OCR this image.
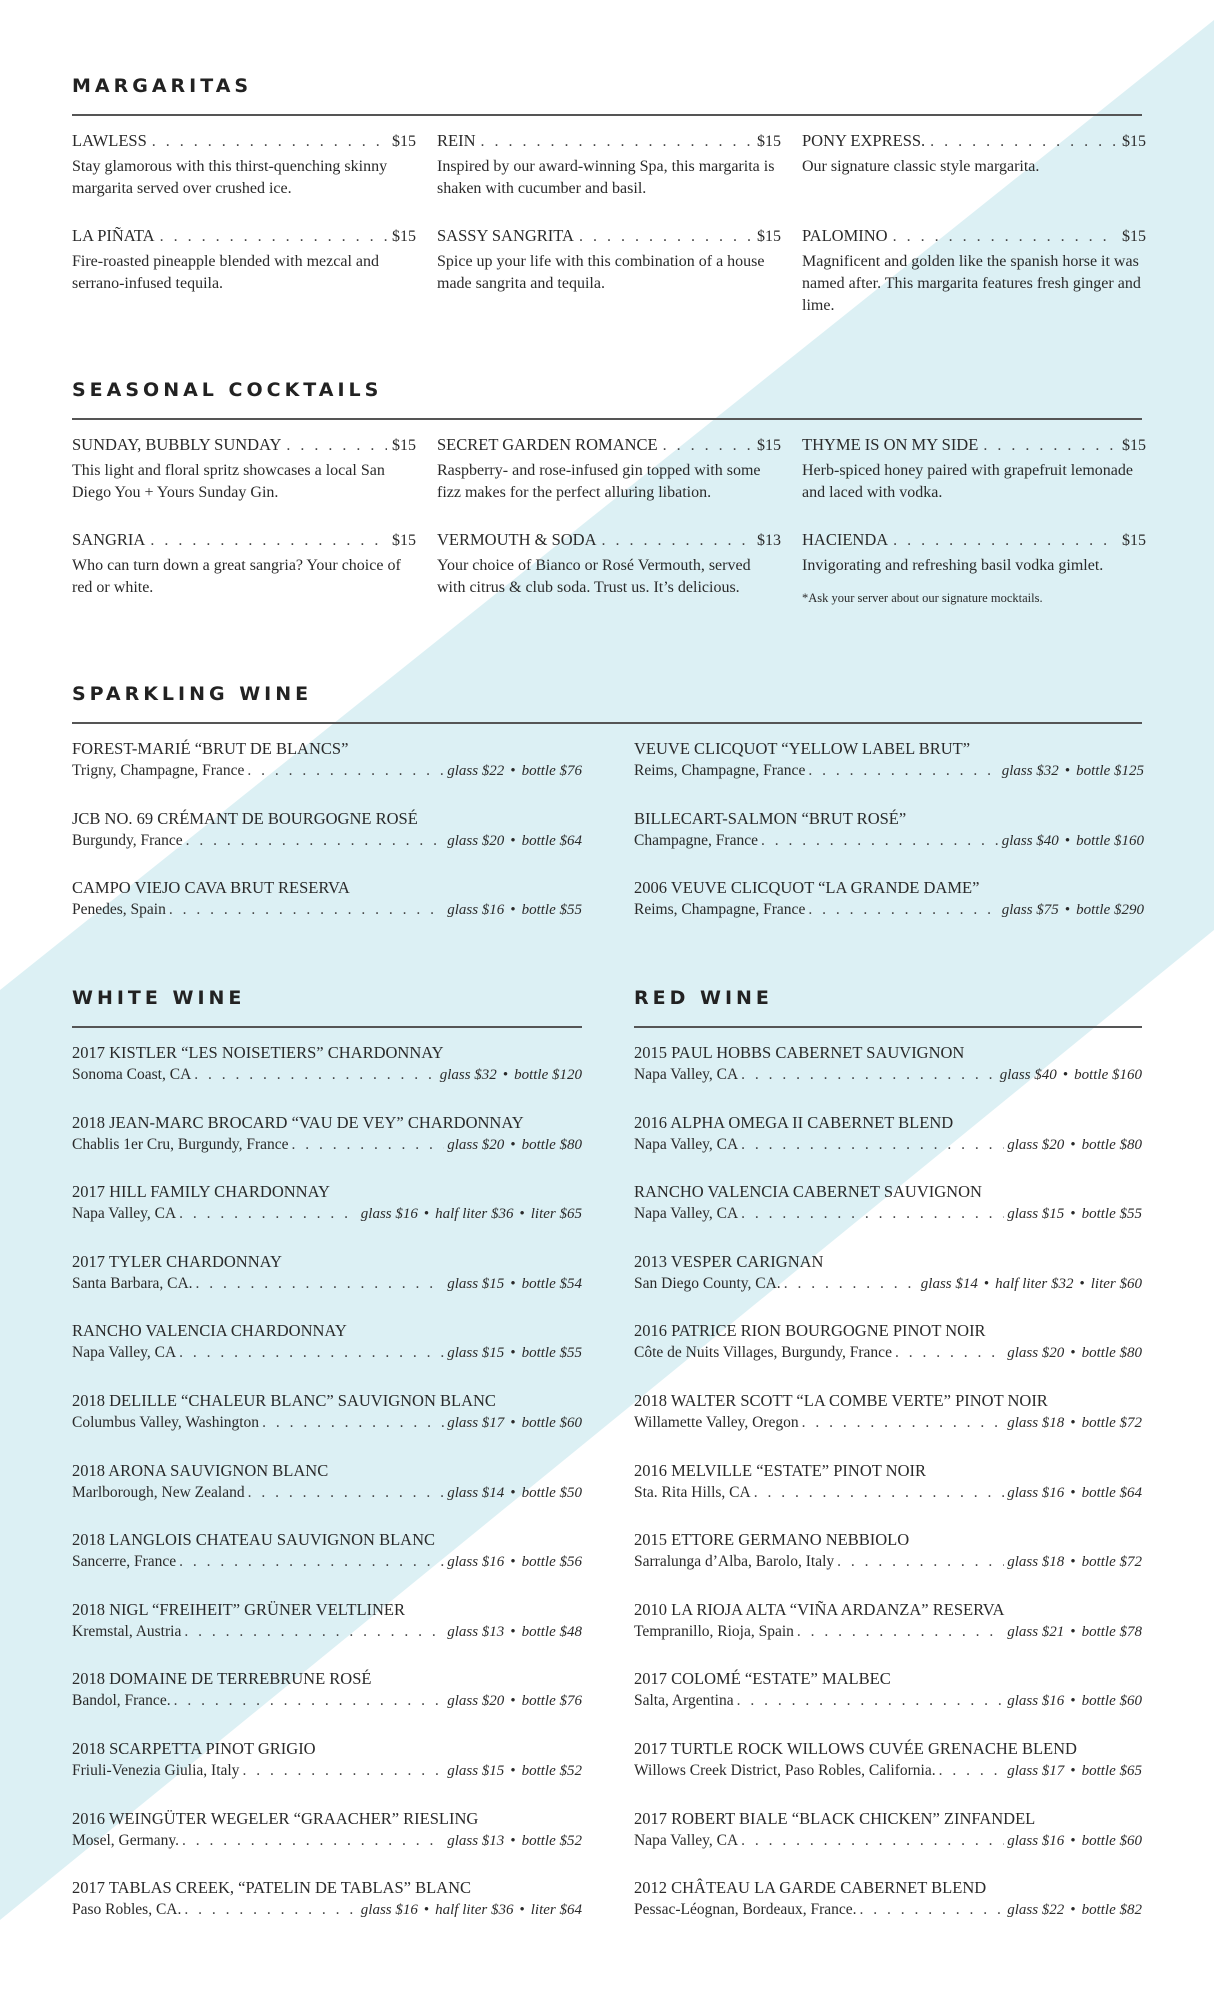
MARGARITAS
LAWLESS . . .	$15
Stay glamorous with this thirst-quenching skinny margarita served over crushed ice.
REIN . . .	$15
Inspired by our award-winning Spa, this margarita is shaken with cucumber and basil.
PONY EXPRESS. . . .	$15
Our signature classic style margarita.
LA PIÑATA . . .	$15
Fire-roasted pineapple blended with mezcal and serrano-infused tequila.
SASSY SANGRITA . . .	$15
Spice up your life with this combination of a house made sangrita and tequila.
PALOMINO . . .	$15
Magnificent and golden like the spanish horse it was named after. This margarita features fresh ginger and lime.
SEASONAL COCKTAILS
SUNDAY, BUBBLY SUNDAY . . .	$15
This light and floral spritz showcases a local San Diego You + Yours Sunday Gin.
SECRET GARDEN ROMANCE . . .	$15
Raspberry- and rose-infused gin topped with some fizz makes for the perfect alluring libation.
THYME IS ON MY SIDE . . .	$15
Herb-spiced honey paired with grapefruit lemonade and laced with vodka.
SANGRIA . . .	$15
Who can turn down a great sangria? Your choice of red or white.
VERMOUTH & SODA . . .	$13
Your choice of Bianco or Rosé Vermouth, served with citrus & club soda. Trust us. It’s delicious.
HACIENDA . . .	$15
Invigorating and refreshing basil vodka gimlet.
*Ask your server about our signature mocktails.
SPARKLING WINE
FOREST-MARIÉ “BRUT DE BLANCS”
Trigny, Champagne, France . . .	glass $22 • bottle $76
JCB NO. 69 CRÉMANT DE BOURGOGNE ROSÉ
Burgundy, France . . .	glass $20 • bottle $64
CAMPO VIEJO CAVA BRUT RESERVA
Penedes, Spain . . .	glass $16 • bottle $55
VEUVE CLICQUOT “YELLOW LABEL BRUT”
Reims, Champagne, France . . .	glass $32 • bottle $125
BILLECART-SALMON “BRUT ROSÉ”
Champagne, France . . .	glass $40 • bottle $160
2006 VEUVE CLICQUOT “LA GRANDE DAME”
Reims, Champagne, France . . .	glass $75 • bottle $290
WHITE WINE
2017 KISTLER “LES NOISETIERS” CHARDONNAY
Sonoma Coast, CA . . .	glass $32 • bottle $120
2018 JEAN-MARC BROCARD “VAU DE VEY” CHARDONNAY
Chablis 1er Cru, Burgundy, France . . .	glass $20 • bottle $80
2017 HILL FAMILY CHARDONNAY
Napa Valley, CA . . .	glass $16 • half liter $36 • liter $65
2017 TYLER CHARDONNAY
Santa Barbara, CA. . . .	glass $15 • bottle $54
RANCHO VALENCIA CHARDONNAY
Napa Valley, CA . . .	glass $15 • bottle $55
2018 DELILLE “CHALEUR BLANC” SAUVIGNON BLANC
Columbus Valley, Washington . . .	glass $17 • bottle $60
2018 ARONA SAUVIGNON BLANC
Marlborough, New Zealand . . .	glass $14 • bottle $50
2018 LANGLOIS CHATEAU SAUVIGNON BLANC
Sancerre, France . . .	glass $16 • bottle $56
2018 NIGL “FREIHEIT” GRÜNER VELTLINER
Kremstal, Austria . . .	glass $13 • bottle $48
2018 DOMAINE DE TERREBRUNE ROSÉ
Bandol, France. . . .	glass $20 • bottle $76
2018 SCARPETTA PINOT GRIGIO
Friuli-Venezia Giulia, Italy . . .	glass $15 • bottle $52
2016 WEINGÜTER WEGELER “GRAACHER” RIESLING
Mosel, Germany. . . .	glass $13 • bottle $52
2017 TABLAS CREEK, “PATELIN DE TABLAS” BLANC
Paso Robles, CA. . . .	glass $16 • half liter $36 • liter $64
RED WINE
2015 PAUL HOBBS CABERNET SAUVIGNON
Napa Valley, CA . . .	glass $40 • bottle $160
2016 ALPHA OMEGA II CABERNET BLEND
Napa Valley, CA . . .	glass $20 • bottle $80
RANCHO VALENCIA CABERNET SAUVIGNON
Napa Valley, CA . . .	glass $15 • bottle $55
2013 VESPER CARIGNAN
San Diego County, CA. . . .	glass $14 • half liter $32 • liter $60
2016 PATRICE RION BOURGOGNE PINOT NOIR
Côte de Nuits Villages, Burgundy, France . . .	glass $20 • bottle $80
2018 WALTER SCOTT “LA COMBE VERTE” PINOT NOIR
Willamette Valley, Oregon . . .	glass $18 • bottle $72
2016 MELVILLE “ESTATE” PINOT NOIR
Sta. Rita Hills, CA . . .	glass $16 • bottle $64
2015 ETTORE GERMANO NEBBIOLO
Sarralunga d’Alba, Barolo, Italy . . .	glass $18 • bottle $72
2010 LA RIOJA ALTA “VIÑA ARDANZA” RESERVA
Tempranillo, Rioja, Spain . . .	glass $21 • bottle $78
2017 COLOMÉ “ESTATE” MALBEC
Salta, Argentina . . .	glass $16 • bottle $60
2017 TURTLE ROCK WILLOWS CUVÉE GRENACHE BLEND
Willows Creek District, Paso Robles, California. . . .	glass $17 • bottle $65
2017 ROBERT BIALE “BLACK CHICKEN” ZINFANDEL
Napa Valley, CA . . .	glass $16 • bottle $60
2012 CHÂTEAU LA GARDE CABERNET BLEND
Pessac-Léognan, Bordeaux, France. . . .	glass $22 • bottle $82
